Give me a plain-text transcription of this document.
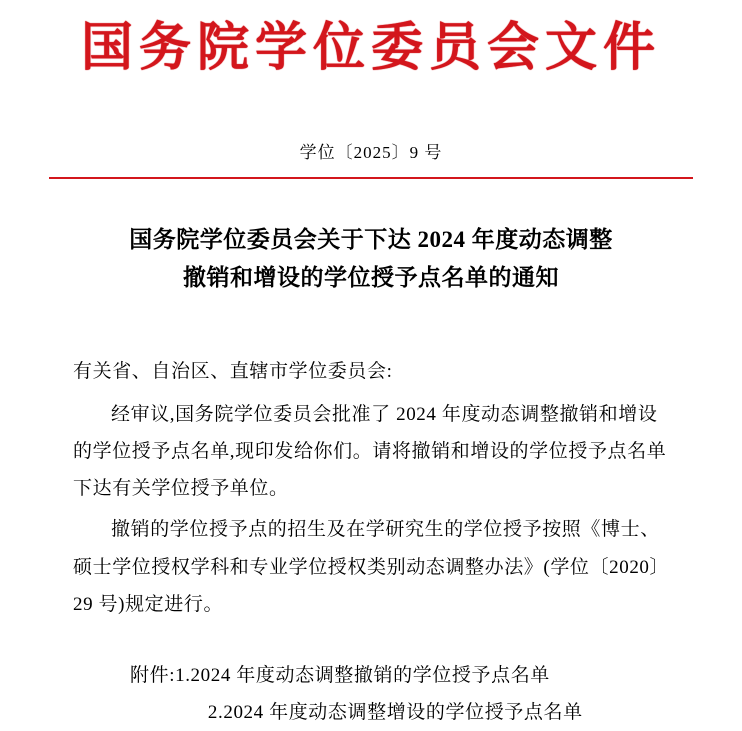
国务院学位委员会文件
学位〔2025〕9 号
国务院学位委员会关于下达 2024 年度动态调整
撤销和增设的学位授予点名单的通知
有关省、自治区、直辖市学位委员会:

经审议,国务院学位委员会批准了 2024 年度动态调整撤销和增设的学位授予点名单,现印发给你们。请将撤销和增设的学位授予点名单下达有关学位授予单位。

撤销的学位授予点的招生及在学研究生的学位授予按照《博士、硕士学位授权学科和专业学位授权类别动态调整办法》(学位〔2020〕29 号)规定进行。

附件:1.2024 年度动态调整撤销的学位授予点名单
2.2024 年度动态调整增设的学位授予点名单
